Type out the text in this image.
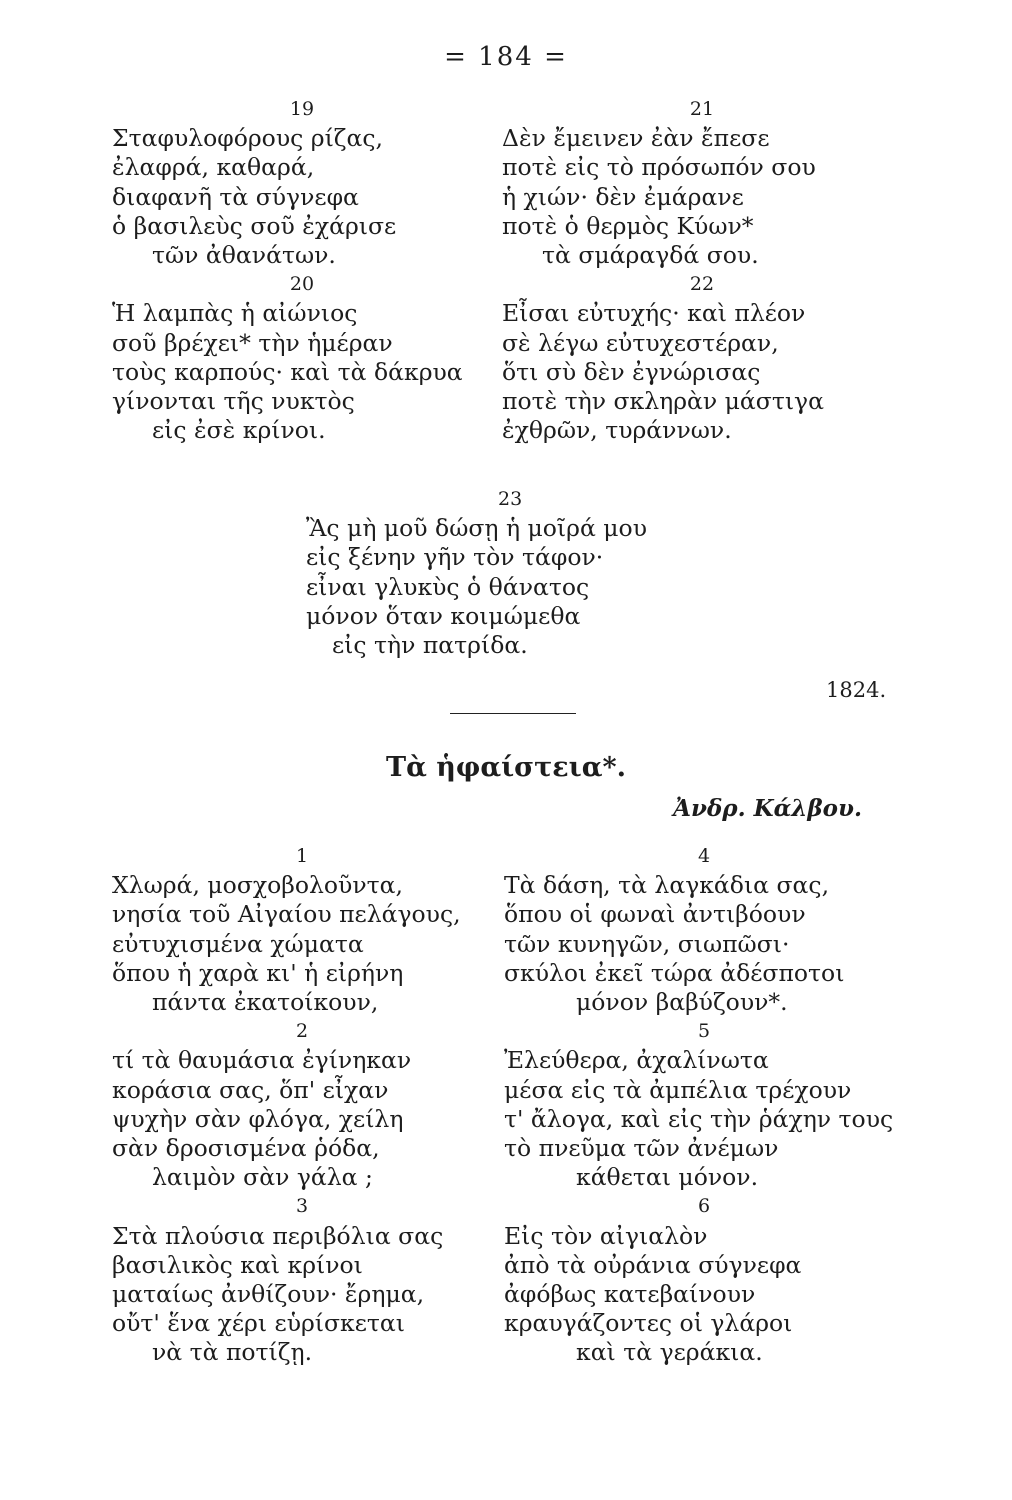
= 184 =
19
Σταφυλοφόρους ρίζας,
ἐλαφρά, καθαρά,
διαφανῆ τὰ σύγνεφα
ὁ βασιλεὺς σοῦ ἐχάρισε
τῶν ἀθανάτων.
20
Ἡ λαμπὰς ἡ αἰώνιος
σοῦ βρέχει* τὴν ἡμέραν
τοὺς καρπούς· καὶ τὰ δάκρυα
γίνονται τῆς νυκτὸς
εἰς ἐσὲ κρίνοι.
21
Δὲν ἔμεινεν ἐὰν ἔπεσε
ποτὲ εἰς τὸ πρόσωπόν σου
ἡ χιών· δὲν ἐμάρανε
ποτὲ ὁ θερμὸς Κύων*
τὰ σμάραγδά σου.
22
Εἶσαι εὐτυχής· καὶ πλέον
σὲ λέγω εὐτυχεστέραν,
ὅτι σὺ δὲν ἐγνώρισας
ποτὲ τὴν σκληρὰν μάστιγα
ἐχθρῶν, τυράννων.
23
Ἂς μὴ μοῦ δώσῃ ἡ μοῖρά μου
εἰς ξένην γῆν τὸν τάφον·
εἶναι γλυκὺς ὁ θάνατος
μόνον ὅταν κοιμώμεθα
εἰς τὴν πατρίδα.
1824.
Τὰ ἡφαίστεια*.
Ἀνδρ. Κάλβου.
1
Χλωρά, μοσχοβολοῦντα,
νησία τοῦ Αἰγαίου πελάγους,
εὐτυχισμένα χώματα
ὅπου ἡ χαρὰ κι' ἡ εἰρήνη
πάντα ἐκατοίκουν,
2
τί τὰ θαυμάσια ἐγίνηκαν
κοράσια σας, ὅπ' εἶχαν
ψυχὴν σὰν φλόγα, χείλη
σὰν δροσισμένα ῥόδα,
λαιμὸν σὰν γάλα ;
3
Στὰ πλούσια περιβόλια σας
βασιλικὸς καὶ κρίνοι
ματαίως ἀνθίζουν· ἔρημα,
οὔτ' ἕνα χέρι εὑρίσκεται
νὰ τὰ ποτίζῃ.
4
Τὰ δάση, τὰ λαγκάδια σας,
ὅπου οἱ φωναὶ ἀντιβόουν
τῶν κυνηγῶν, σιωπῶσι·
σκύλοι ἐκεῖ τώρα ἀδέσποτοι
μόνον βαβύζουν*.
5
Ἐλεύθερα, ἀχαλίνωτα
μέσα εἰς τὰ ἀμπέλια τρέχουν
τ' ἄλογα, καὶ εἰς τὴν ῥάχην τους
τὸ πνεῦμα τῶν ἀνέμων
κάθεται μόνον.
6
Εἰς τὸν αἰγιαλὸν
ἀπὸ τὰ οὐράνια σύγνεφα
ἀφόβως κατεβαίνουν
κραυγάζοντες οἱ γλάροι
καὶ τὰ γεράκια.
